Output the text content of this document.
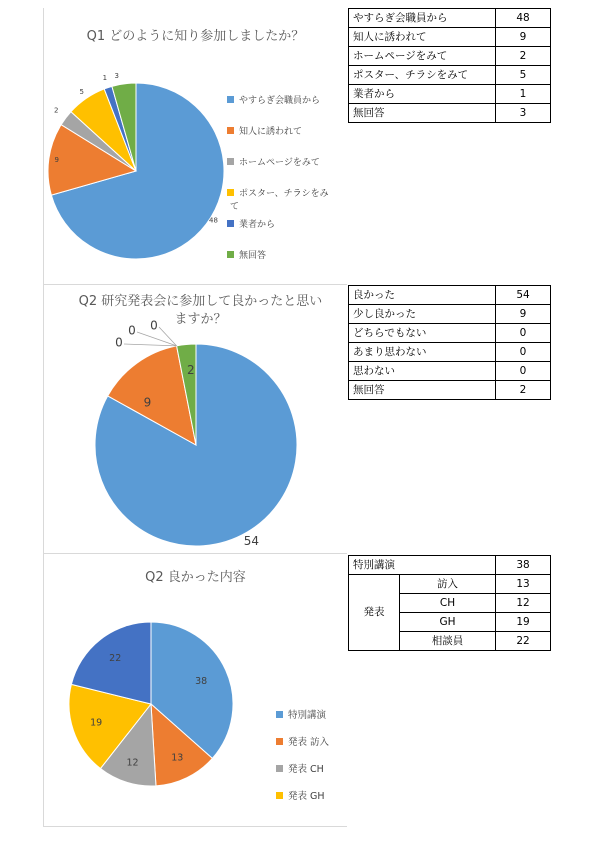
Q1 どのように知り参加しましたか？
48
9
2
5
1 3
やすらぎ会職員から
知人に誘われて
ホームページをみて
ポスター、チラシをみ
て
業者から
無回答
Q2 研究発表会に参加して良かったと思いますか？
54
9
0
0 0
2
Q2 良かった内容
38
13
12
19
22
特別講演
発表 訪入
発表 CH
発表 GH
やすらぎ会職員から	48
知人に誘われて	9
ホームページをみて	2
ポスター、チラシをみて	5
業者から	1
無回答	3
良かった	54
少し良かった	9
どちらでもない	0
あまり思わない	0
思わない	0
無回答	2
特別講演		38
発表	訪入	13
	CH	12
	GH	19
	相談員	22
